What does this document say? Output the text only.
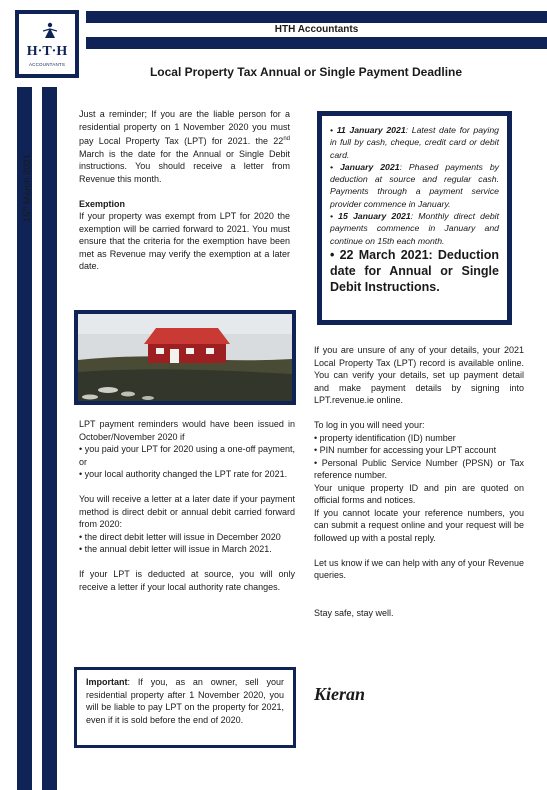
H·T·H
ACCOUNTANTS
HTH Accountants
Local Property Tax Annual or Single Payment Deadline
15th March 2021

Just a reminder; If you are the liable person for a residential property on 1 November 2020 you must pay Local Property Tax (LPT) for 2021. the 22nd March is the date for the Annual or Single Debit instructions. You should receive a letter from Revenue this month.

Exemption

If your property was exempt from LPT for 2020 the exemption will be carried forward to 2021. You must ensure that the criteria for the exemption have been met as Revenue may verify the exemption at a later date.

LPT payment reminders would have been issued in October/November 2020 if

• you paid your LPT for 2020 using a one-off payment, or

• your local authority changed the LPT rate for 2021.

You will receive a letter at a later date if your payment method is direct debit or annual debit carried forward from 2020:

• the direct debit letter will issue in December 2020

• the annual debit letter will issue in March 2021.

If your LPT is deducted at source, you will only receive a letter if your local authority rate changes.

Important: If you, as an owner, sell your residential property after 1 November 2020, you will be liable to pay LPT on the property for 2021, even if it is sold before the end of 2020.

• 11 January 2021: Latest date for paying in full by cash, cheque, credit card or debit card.

• January 2021: Phased payments by deduction at source and regular cash. Payments through a payment service provider commence in January.

• 15 January 2021: Monthly direct debit payments commence in January and continue on 15th each month.

• 22 March 2021: Deduction date for Annual or Single Debit Instructions.

If you are unsure of any of your details, your 2021 Local Property Tax (LPT) record is available online. You can verify your details, set up payment detail and make payment details by signing into LPT.revenue.ie online.

To log in you will need your:

• property identification (ID) number

• PIN number for accessing your LPT account

• Personal Public Service Number (PPSN) or Tax reference number.

Your unique property ID and pin are quoted on official forms and notices.

If you cannot locate your reference numbers, you can submit a request online and your request will be followed up with a postal reply.

Let us know if we can help with any of your Revenue queries.

Stay safe, stay well.

Kieran
